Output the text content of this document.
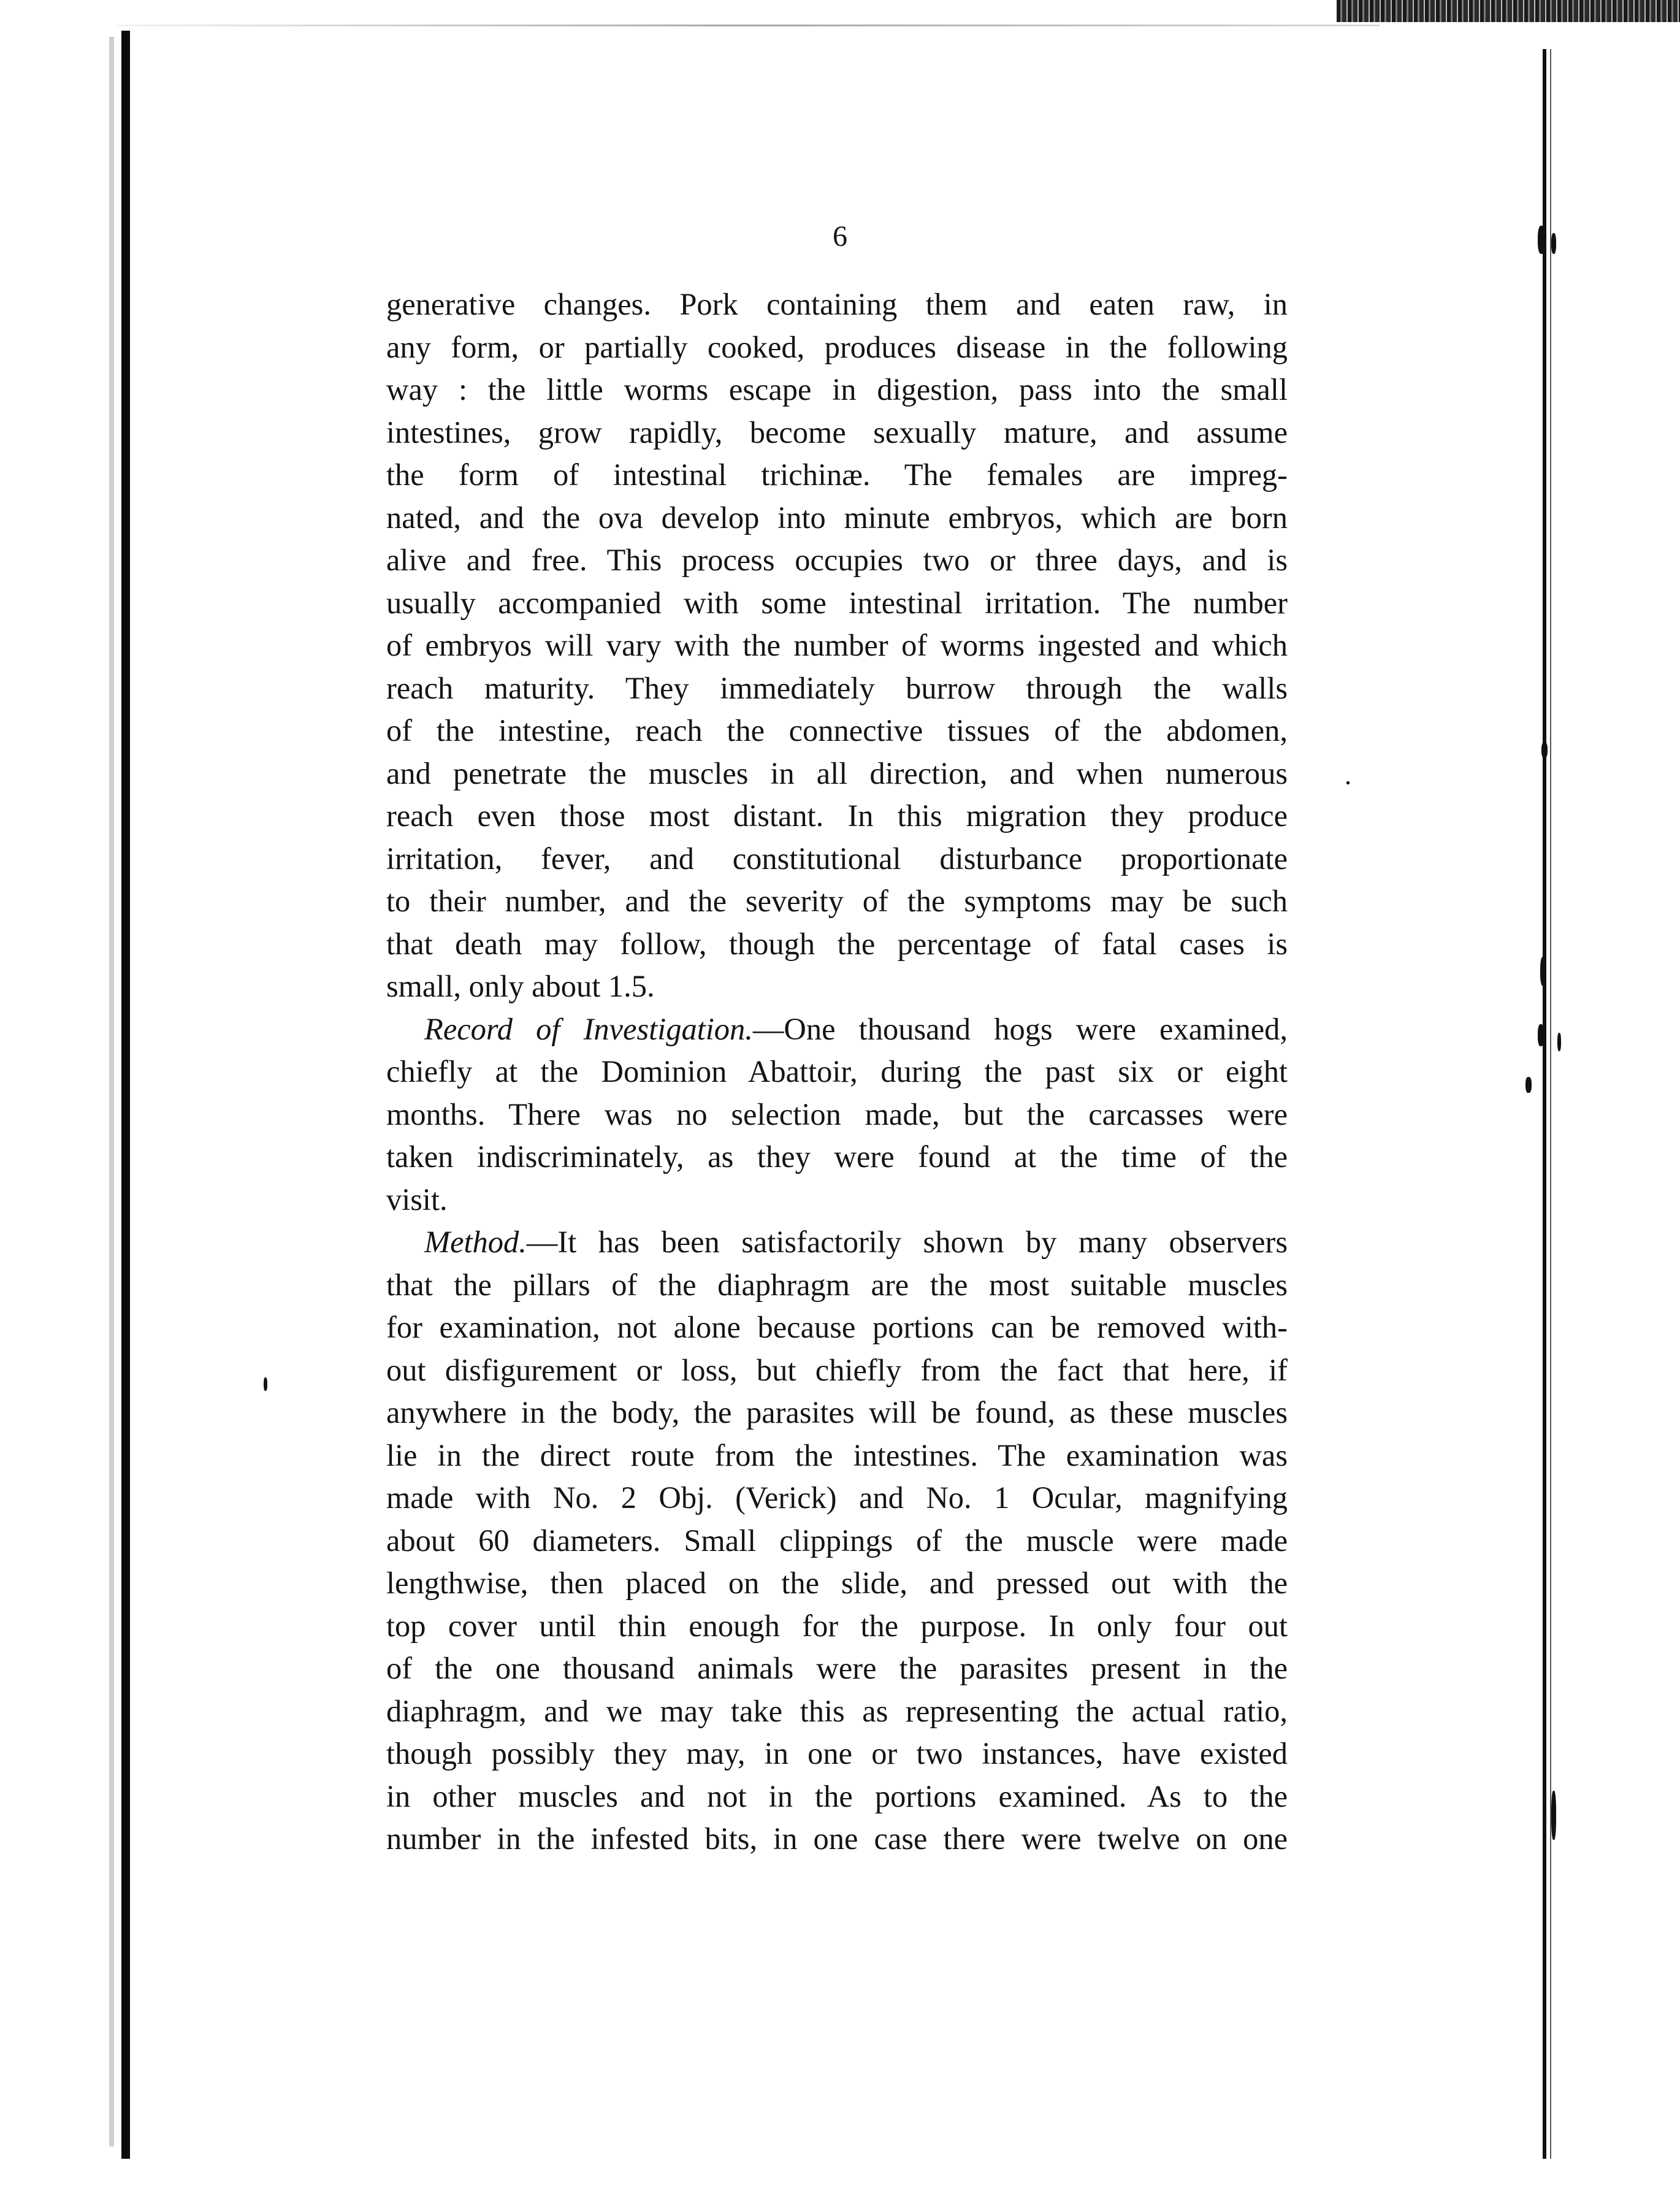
6
generative changes. Pork containing them and eaten raw, in
any form, or partially cooked, produces disease in the following
way : the little worms escape in digestion, pass into the small
intestines, grow rapidly, become sexually mature, and assume
the form of intestinal trichinæ. The females are impreg-
nated, and the ova develop into minute embryos, which are born
alive and free. This process occupies two or three days, and is
usually accompanied with some intestinal irritation. The number
of embryos will vary with the number of worms ingested and which
reach maturity. They immediately burrow through the walls
of the intestine, reach the connective tissues of the abdomen,
and penetrate the muscles in all direction, and when numerous
reach even those most distant. In this migration they produce
irritation, fever, and constitutional disturbance proportionate
to their number, and the severity of the symptoms may be such
that death may follow, though the percentage of fatal cases is
small, only about 1.5.
Record of Investigation.—One thousand hogs were examined,
chiefly at the Dominion Abattoir, during the past six or eight
months. There was no selection made, but the carcasses were
taken indiscriminately, as they were found at the time of the
visit.
Method.—It has been satisfactorily shown by many observers
that the pillars of the diaphragm are the most suitable muscles
for examination, not alone because portions can be removed with-
out disfigurement or loss, but chiefly from the fact that here, if
anywhere in the body, the parasites will be found, as these muscles
lie in the direct route from the intestines. The examination was
made with No. 2 Obj. (Verick) and No. 1 Ocular, magnifying
about 60 diameters. Small clippings of the muscle were made
lengthwise, then placed on the slide, and pressed out with the
top cover until thin enough for the purpose. In only four out
of the one thousand animals were the parasites present in the
diaphragm, and we may take this as representing the actual ratio,
though possibly they may, in one or two instances, have existed
in other muscles and not in the portions examined. As to the
number in the infested bits, in one case there were twelve on one
